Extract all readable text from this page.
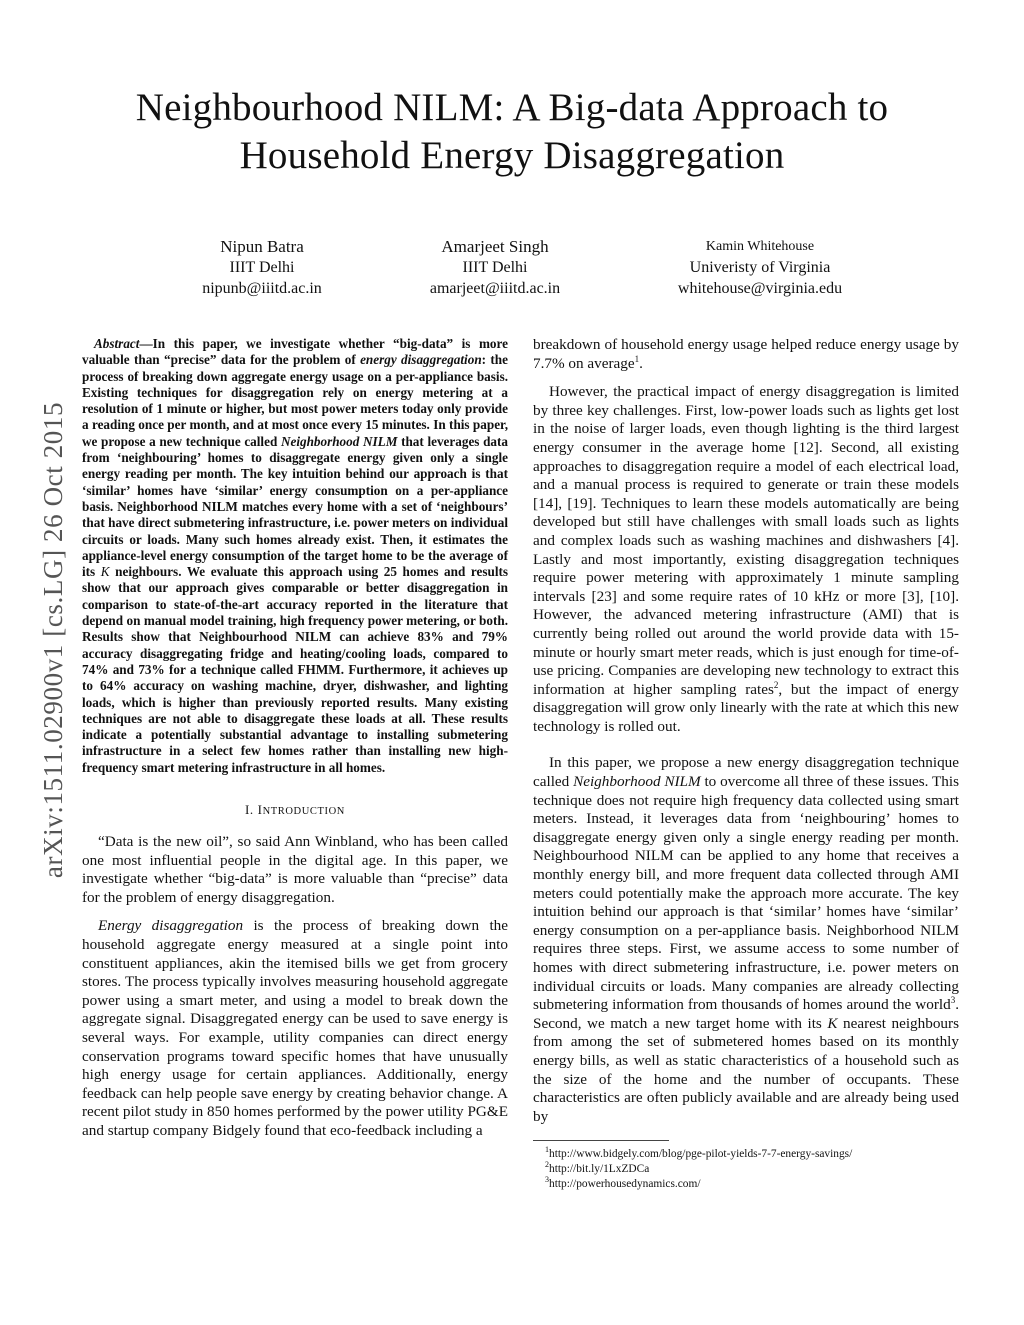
Neighbourhood NILM: A Big-data Approach to
Household Energy Disaggregation
Nipun Batra
IIIT Delhi
nipunb@iiitd.ac.in
Amarjeet Singh
IIIT Delhi
amarjeet@iiitd.ac.in
Kamin Whitehouse
Univeristy of Virginia
whitehouse@virginia.edu
arXiv:1511.02900v1 [cs.LG] 26 Oct 2015

Abstract—In this paper, we investigate whether “big-data” is more valuable than “precise” data for the problem of energy disaggregation: the process of breaking down aggregate energy usage on a per-appliance basis. Existing techniques for disaggregation rely on energy metering at a resolution of 1 minute or higher, but most power meters today only provide a reading once per month, and at most once every 15 minutes. In this paper, we propose a new technique called Neighborhood NILM that leverages data from ‘neighbouring’ homes to disaggregate energy given only a single energy reading per month. The key intuition behind our approach is that ‘similar’ homes have ‘similar’ energy consumption on a per-appliance basis. Neighborhood NILM matches every home with a set of ‘neighbours’ that have direct submetering infrastructure, i.e. power meters on individual circuits or loads. Many such homes already exist. Then, it estimates the appliance-level energy consumption of the target home to be the average of its K neighbours. We evaluate this approach using 25 homes and results show that our approach gives comparable or better disaggregation in comparison to state-of-the-art accuracy reported in the literature that depend on manual model training, high frequency power metering, or both. Results show that Neighbourhood NILM can achieve 83% and 79% accuracy disaggregating fridge and heating/cooling loads, compared to 74% and 73% for a technique called FHMM. Furthermore, it achieves up to 64% accuracy on washing machine, dryer, dishwasher, and lighting loads, which is higher than previously reported results. Many existing techniques are not able to disaggregate these loads at all. These results indicate a potentially substantial advantage to installing submetering infrastructure in a select few homes rather than installing new high-frequency smart metering infrastructure in all homes.

I. INTRODUCTION

“Data is the new oil”, so said Ann Winbland, who has been called one most influential people in the digital age. In this paper, we investigate whether “big-data” is more valuable than “precise” data for the problem of energy disaggregation.

Energy disaggregation is the process of breaking down the household aggregate energy measured at a single point into constituent appliances, akin the itemised bills we get from grocery stores. The process typically involves measuring household aggregate power using a smart meter, and using a model to break down the aggregate signal. Disaggregated energy can be used to save energy is several ways. For example, utility companies can direct energy conservation programs toward specific homes that have unusually high energy usage for certain appliances. Additionally, energy feedback can help people save energy by creating behavior change. A recent pilot study in 850 homes performed by the power utility PG&E and startup company Bidgely found that eco-feedback including a

breakdown of household energy usage helped reduce energy usage by 7.7% on average$^1$.

However, the practical impact of energy disaggregation is limited by three key challenges. First, low-power loads such as lights get lost in the noise of larger loads, even though lighting is the third largest energy consumer in the average home [12]. Second, all existing approaches to disaggregation require a model of each electrical load, and a manual process is required to generate or train these models [14], [19]. Techniques to learn these models automatically are being developed but still have challenges with small loads such as lights and complex loads such as washing machines and dishwashers [4]. Lastly and most importantly, existing disaggregation techniques require power metering with approximately 1 minute sampling intervals [23] and some require rates of 10 kHz or more [3], [10]. However, the advanced metering infrastructure (AMI) that is currently being rolled out around the world provide data with 15-minute or hourly smart meter reads, which is just enough for time-of-use pricing. Companies are developing new technology to extract this information at higher sampling rates$^2$, but the impact of energy disaggregation will grow only linearly with the rate at which this new technology is rolled out.

In this paper, we propose a new energy disaggregation technique called Neighborhood NILM to overcome all three of these issues. This technique does not require high frequency data collected using smart meters. Instead, it leverages data from ‘neighbouring’ homes to disaggregate energy given only a single energy reading per month. Neighbourhood NILM can be applied to any home that receives a monthly energy bill, and more frequent data collected through AMI meters could potentially make the approach more accurate. The key intuition behind our approach is that ‘similar’ homes have ‘similar’ energy consumption on a per-appliance basis. Neighborhood NILM requires three steps. First, we assume access to some number of homes with direct submetering infrastructure, i.e. power meters on individual circuits or loads. Many companies are already collecting submetering information from thousands of homes around the world$^3$. Second, we match a new target home with its K nearest neighbours from among the set of submetered homes based on its monthly energy bills, as well as static characteristics of a household such as the size of the home and the number of occupants. These characteristics are often publicly available and are already being used by

$^1$http://www.bidgely.com/blog/pge-pilot-yields-7-7-energy-savings/
$^2$http://bit.ly/1LxZDCa
$^3$http://powerhousedynamics.com/
